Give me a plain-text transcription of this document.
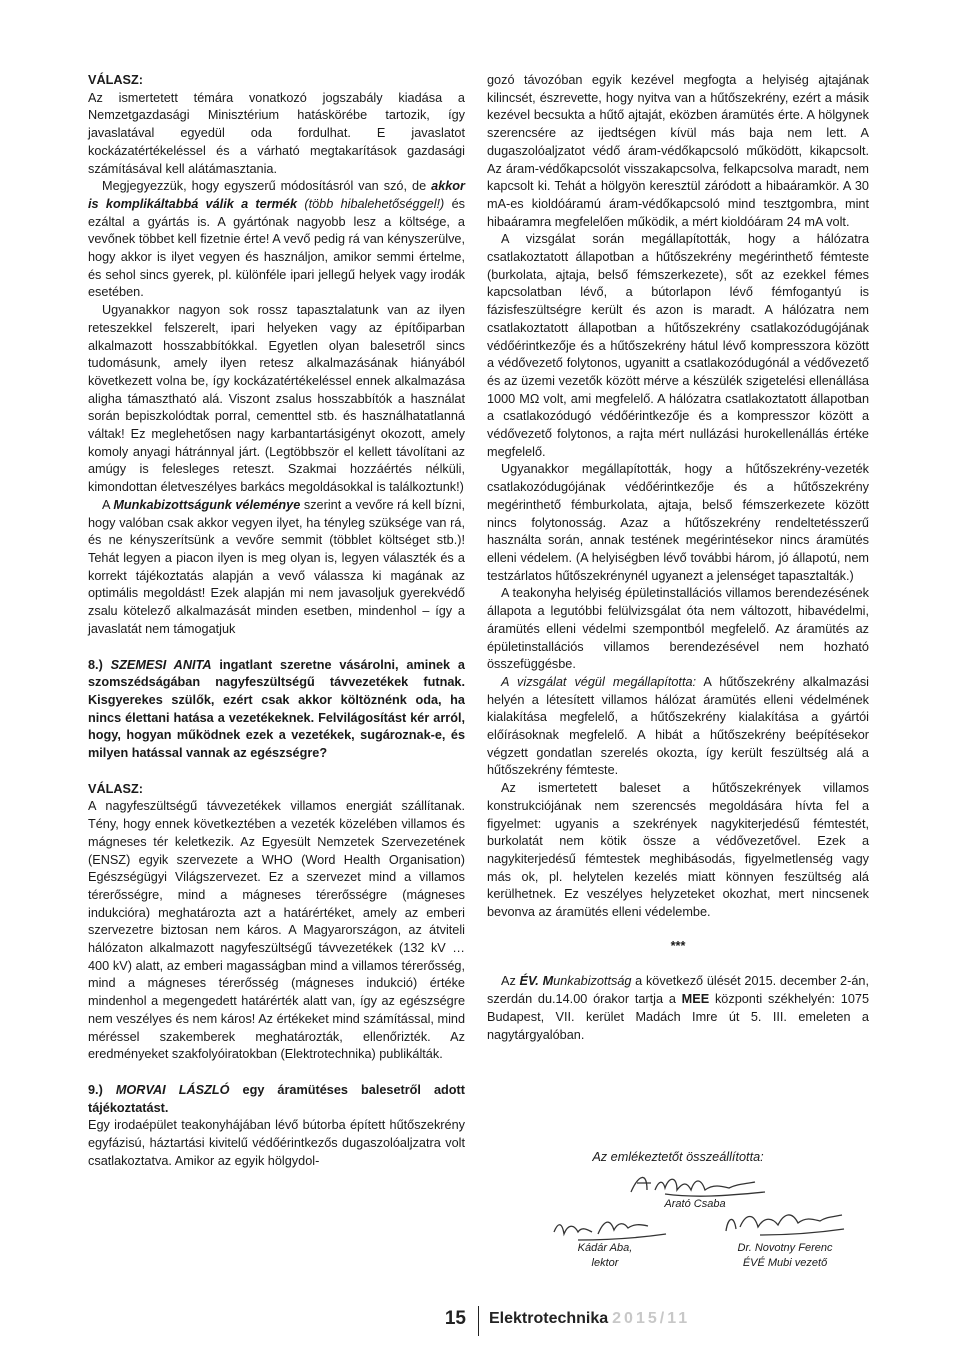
VÁLASZ:

Az ismertetett témára vonatkozó jogszabály kiadása a Nemzetgazdasági Minisztérium hatáskörébe tartozik, így javaslatával egyedül oda fordulhat. E javaslatot kockázatértékeléssel és a várható megtakarítások gazdasági számításával kell alátámasztania.

Megjegyezzük, hogy egyszerű módosításról van szó, de akkor is komplikáltabbá válik a termék (több hibalehetőséggel!) és ezáltal a gyártás is. A gyártónak nagyobb lesz a költsége, a vevőnek többet kell fizetnie érte! A vevő pedig rá van kényszerülve, hogy akkor is ilyet vegyen és használjon, amikor semmi értelme, és sehol sincs gyerek, pl. különféle ipari jellegű helyek vagy irodák esetében.

Ugyanakkor nagyon sok rossz tapasztalatunk van az ilyen reteszekkel felszerelt, ipari helyeken vagy az építőiparban alkalmazott hosszabbítókkal. Egyetlen olyan balesetről sincs tudomásunk, amely ilyen retesz alkalmazásának hiányából következett volna be, így kockázatértékeléssel ennek alkalmazása aligha támasztható alá. Viszont zsalus hosszabbítók a használat során bepiszkolódtak porral, cementtel stb. és használhatatlanná váltak! Ez meglehetősen nagy karbantartásigényt okozott, amely komoly anyagi hátránnyal járt. (Legtöbbször el kellett távolítani az amúgy is felesleges reteszt. Szakmai hozzáértés nélküli, kimondottan életveszélyes barkács megoldásokkal is találkoztunk!)

A Munkabizottságunk véleménye szerint a vevőre rá kell bízni, hogy valóban csak akkor vegyen ilyet, ha tényleg szüksége van rá, és ne kényszerítsünk a vevőre semmit (többlet költséget stb.)! Tehát legyen a piacon ilyen is meg olyan is, legyen választék és a korrekt tájékoztatás alapján a vevő válassza ki magának az optimális megoldást! Ezek alapján mi nem javasoljuk gyerekvédő zsalu kötelező alkalmazását minden esetben, mindenhol – így a javaslatát nem támogatjuk

8.) SZEMESI ANITA ingatlant szeretne vásárolni, aminek a szomszédságában nagyfeszültségű távvezetékek futnak. Kisgyerekes szülők, ezért csak akkor költöznénk oda, ha nincs élettani hatása a vezetékeknek. Felvilágosítást kér arról, hogy, hogyan működnek ezek a vezetékek, sugároznak-e, és milyen hatással vannak az egészségre?

VÁLASZ:

A nagyfeszültségű távvezetékek villamos energiát szállítanak. Tény, hogy ennek következtében a vezeték közelében villamos és mágneses tér keletkezik. Az Egyesült Nemzetek Szervezetének (ENSZ) egyik szervezete a WHO (Word Health Organisation) Egészségügyi Világszervezet. Ez a szervezet mind a villamos térerősségre, mind a mágneses térerősségre (mágneses indukcióra) meghatározta azt a határértéket, amely az emberi szervezetre biztosan nem káros. A Magyarországon, az átviteli hálózaton alkalmazott nagyfeszültségű távvezetékek (132 kV … 400 kV) alatt, az emberi magasságban mind a villamos térerősség, mind a mágneses térerősség (mágneses indukció) értéke mindenhol a megengedett határérték alatt van, így az egészségre nem veszélyes és nem káros! Az értékeket mind számítással, mind méréssel szakemberek meghatározták, ellenőrizték. Az eredményeket szakfolyóiratokban (Elektrotechnika) publikálták.

9.) MORVAI LÁSZLÓ egy áramütéses balesetről adott tájékoztatást.

Egy irodaépület teakonyhájában lévő bútorba épített hűtőszekrény egyfázisú, háztartási kivitelű védőérintkezős dugaszolóaljzatra volt csatlakoztatva. Amikor az egyik hölgydol-

gozó távozóban egyik kezével megfogta a helyiség ajtajának kilincsét, észrevette, hogy nyitva van a hűtőszekrény, ezért a másik kezével becsukta a hűtő ajtaját, eközben áramütés érte. A hölgynek szerencsére az ijedtségen kívül más baja nem lett. A dugaszolóaljzatot védő áram-védőkapcsoló működött, kikapcsolt. Az áram-védőkapcsolót visszakapcsolva, felkapcsolva maradt, nem kapcsolt ki. Tehát a hölgyön keresztül záródott a hibaáramkör. A 30 mA-es kioldóáramú áram-védőkapcsoló mind tesztgombra, mint hibaáramra megfelelően működik, a mért kioldóáram 24 mA volt.

A vizsgálat során megállapították, hogy a hálózatra csatlakoztatott állapotban a hűtőszekrény megérinthető fémteste (burkolata, ajtaja, belső fémszerkezete), sőt az ezekkel fémes kapcsolatban lévő, a bútorlapon lévő fémfogantyú is fázisfeszültségre került és azon is maradt. A hálózatra nem csatlakoztatott állapotban a hűtőszekrény csatlakozódugójának védőérintkezője és a hűtőszekrény hátul lévő kompresszora között a védővezető folytonos, ugyanitt a csatlakozódugónál a védővezető és az üzemi vezetők között mérve a készülék szigetelési ellenállása 1000 MΩ volt, ami megfelelő. A hálózatra csatlakoztatott állapotban a csatlakozódugó védőérintkezője és a kompresszor között a védővezető folytonos, a rajta mért nullázási hurokellenállás értéke megfelelő.

Ugyanakkor megállapították, hogy a hűtőszekrény-vezeték csatlakozódugójának védőérintkezője és a hűtőszekrény megérinthető fémburkolata, ajtaja, belső fémszerkezete között nincs folytonosság. Azaz a hűtőszekrény rendeltetésszerű használta során, annak testének megérintésekor nincs áramütés elleni védelem. (A helyiségben lévő további három, jó állapotú, nem testzárlatos hűtőszekrénynél ugyanezt a jelenséget tapasztalták.)

A teakonyha helyiség épületinstallációs villamos berendezésének állapota a legutóbbi felülvizsgálat óta nem változott, hibavédelmi, áramütés elleni védelmi szempontból megfelelő. Az áramütés az épületinstallációs villamos berendezésével nem hozható összefüggésbe.

A vizsgálat végül megállapította: A hűtőszekrény alkalmazási helyén a létesített villamos hálózat áramütés elleni védelmének kialakítása megfelelő, a hűtőszekrény kialakítása a gyártói előírásoknak megfelelő. A hibát a hűtőszekrény beépítésekor végzett gondatlan szerelés okozta, így került feszültség alá a hűtőszekrény fémteste.

Az ismertetett baleset a hűtőszekrények villamos konstrukciójának nem szerencsés megoldására hívta fel a figyelmet: ugyanis a szekrények nagykiterjedésű fémtestét, burkolatát nem kötik össze a védővezetővel. Ezek a nagykiterjedésű fémtestek meghibásodás, figyelmetlenség vagy más ok, pl. helytelen kezelés miatt könnyen feszültség alá kerülhetnek. Ez veszélyes helyzeteket okozhat, mert nincsenek bevonva az áramütés elleni védelembe.

***

Az ÉV. Munkabizottság a következő ülését 2015. december 2-án, szerdán du.14.00 órakor tartja a MEE központi székhelyén: 1075 Budapest, VII. kerület Madách Imre út 5. III. emeleten a nagytárgyalóban.

Az emlékeztetőt összeállította:
Arató Csaba
Kádár Aba,
lektor
Dr. Novotny Ferenc
ÉVÉ Mubi vezető
15 Elektrotechnika 2015/11
